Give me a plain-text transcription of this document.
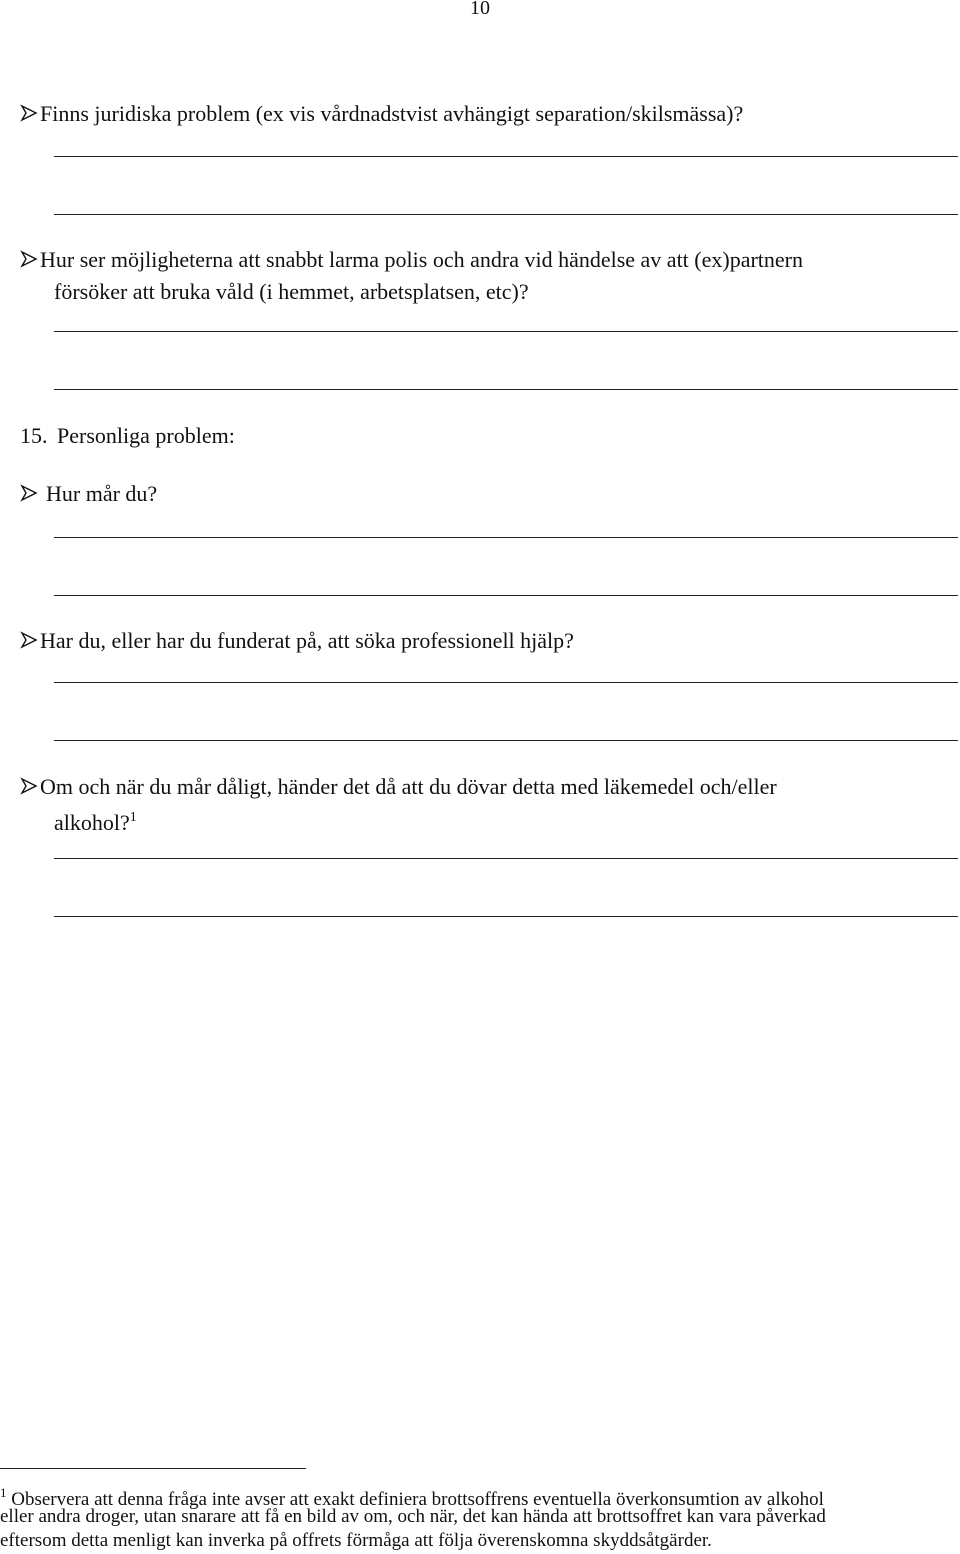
10
Finns juridiska problem (ex vis vårdnadstvist avhängigt separation/skilsmässa)?
Hur ser möjligheterna att snabbt larma polis och andra vid händelse av att (ex)partnern
försöker att bruka våld (i hemmet, arbetsplatsen, etc)?
15. Personliga problem:
Hur mår du?
Har du, eller har du funderat på, att söka professionell hjälp?
Om och när du mår dåligt, händer det då att du dövar detta med läkemedel och/eller
alkohol?$^1$
$^1$ Observera att denna fråga inte avser att exakt definiera brottsoffrens eventuella överkonsumtion av alkohol
eller andra droger, utan snarare att få en bild av om, och när, det kan hända att brottsoffret kan vara påverkad
eftersom detta menligt kan inverka på offrets förmåga att följa överenskomna skyddsåtgärder.
